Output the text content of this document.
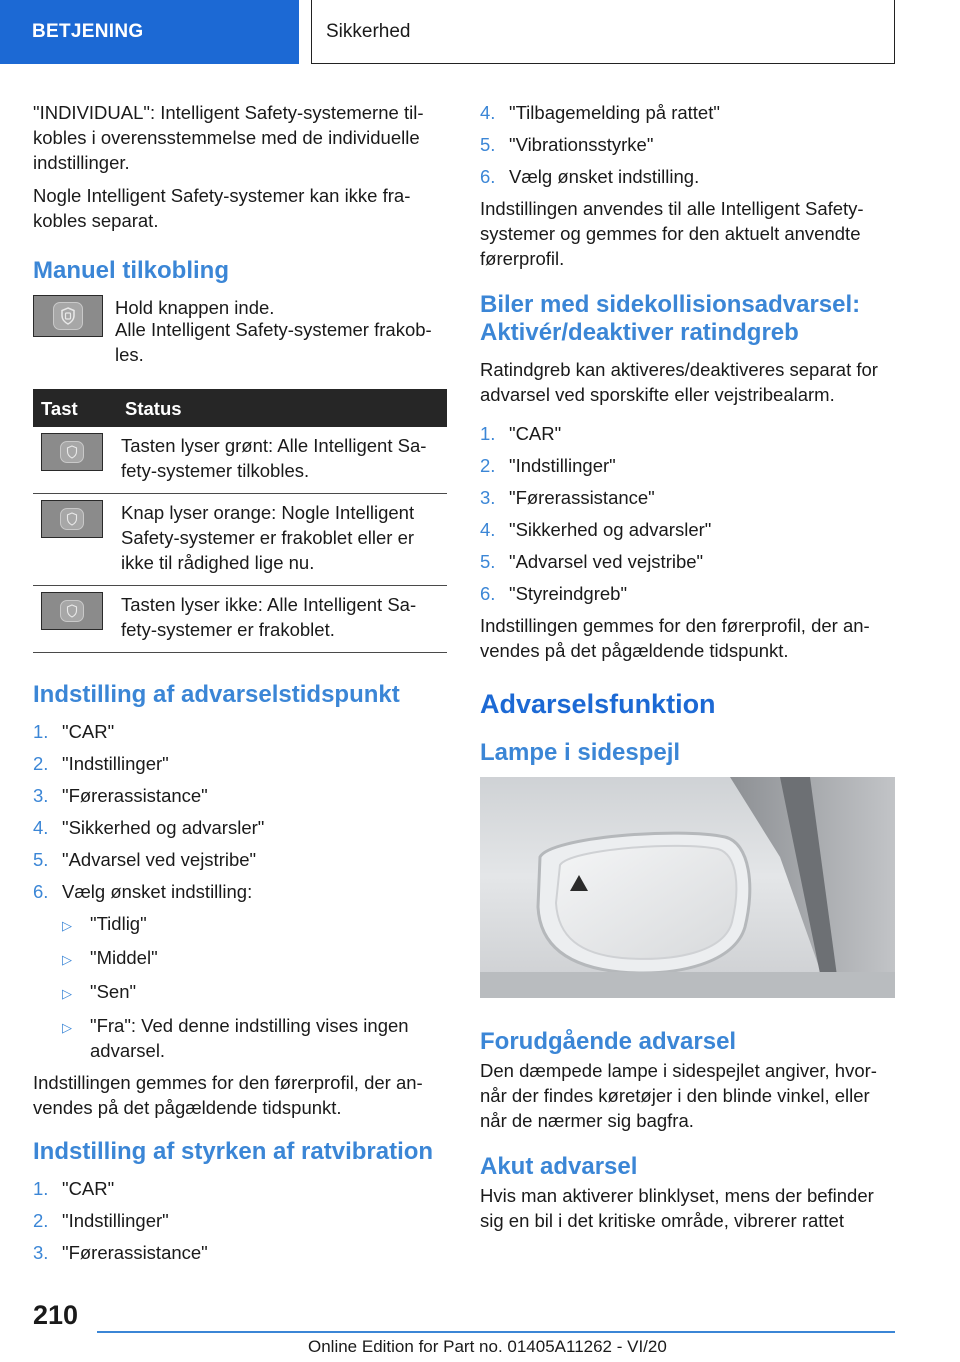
BETJENING	Sikkerhed

"INDIVIDUAL": Intelligent Safety-systemerne tilkobles i overensstemmelse med de individuelle indstillinger.

Nogle Intelligent Safety-systemer kan ikke frakobles separat.

Manuel tilkobling

Hold knappen inde.

Alle Intelligent Safety-systemer frakobles.

Tast	Status

	Tasten lyser grønt: Alle Intelligent Safety-systemer tilkobles.

	Knap lyser orange: Nogle Intelligent Safety-systemer er frakoblet eller er ikke til rådighed lige nu.

	Tasten lyser ikke: Alle Intelligent Safety-systemer er frakoblet.
Indstilling af advarselstidspunkt
1. "CAR"
2. "Indstillinger"
3. "Førerassistance"
4. "Sikkerhed og advarsler"
5. "Advarsel ved vejstribe"
6. Vælg ønsket indstilling:
▷ "Tidlig"
▷ "Middel"
▷ "Sen"
▷ "Fra": Ved denne indstilling vises ingen advarsel.

Indstillingen gemmes for den førerprofil, der anvendes på det pågældende tidspunkt.

Indstilling af styrken af ratvibration
1. "CAR"
2. "Indstillinger"
3. "Førerassistance"
4. "Tilbagemelding på rattet"
5. "Vibrationsstyrke"
6. Vælg ønsket indstilling.

Indstillingen anvendes til alle Intelligent Safety-systemer og gemmes for den aktuelt anvendte førerprofil.

Biler med sidekollisionsadvarsel: Aktivér/deaktiver ratindgreb

Ratindgreb kan aktiveres/deaktiveres separat for advarsel ved sporskifte eller vejstribealarm.

1. "CAR"
2. "Indstillinger"
3. "Førerassistance"
4. "Sikkerhed og advarsler"
5. "Advarsel ved vejstribe"
6. "Styreindgreb"

Indstillingen gemmes for den førerprofil, der anvendes på det pågældende tidspunkt.

Advarselsfunktion
Lampe i sidespejl
Forudgående advarsel

Den dæmpede lampe i sidespejlet angiver, hvornår der findes køretøjer i den blinde vinkel, eller når de nærmer sig bagfra.

Akut advarsel

Hvis man aktiverer blinklyset, mens der befinder sig en bil i det kritiske område, vibrerer rattet

210
Online Edition for Part no. 01405A11262 - VI/20
